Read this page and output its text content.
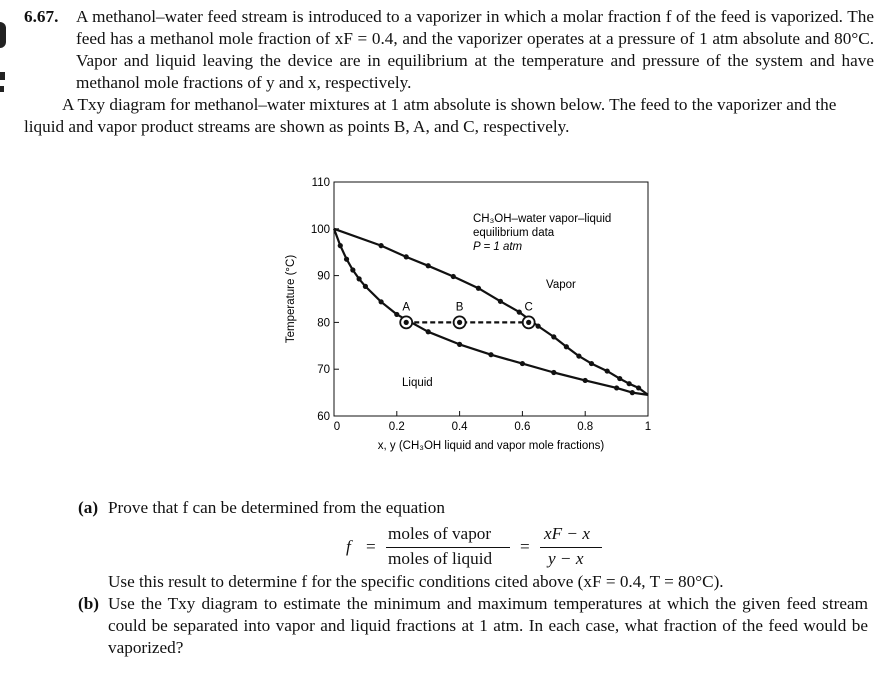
6.67. A methanol–water feed stream is introduced to a vaporizer in which a molar fraction f of the feed is vaporized. The feed has a methanol mole fraction of xF = 0.4, and the vaporizer operates at a pressure of 1 atm absolute and 80°C. Vapor and liquid leaving the device are in equilibrium at the temperature and pressure of the system and have methanol mole fractions of y and x, respectively.
A Txy diagram for methanol–water mixtures at 1 atm absolute is shown below. The feed to the vaporizer and the liquid and vapor product streams are shown as points B, A, and C, respectively.
0	0.2	0.4	0.6	0.8	1
60
70
80
90
100
110
A	B	C
CH₃OH–water vapor–liquid
equilibrium data
P = 1 atm
Vapor
Liquid
x, y (CH₃OH liquid and vapor mole fractions)
Temperature (°C)
(a) Prove that f can be determined from the equation
f =
moles of vapor
moles of liquid
=
xF − x
y − x
Use this result to determine f for the specific conditions cited above (xF = 0.4, T = 80°C).
(b) Use the Txy diagram to estimate the minimum and maximum temperatures at which the given feed stream could be separated into vapor and liquid fractions at 1 atm. In each case, what fraction of the feed would be vaporized?
